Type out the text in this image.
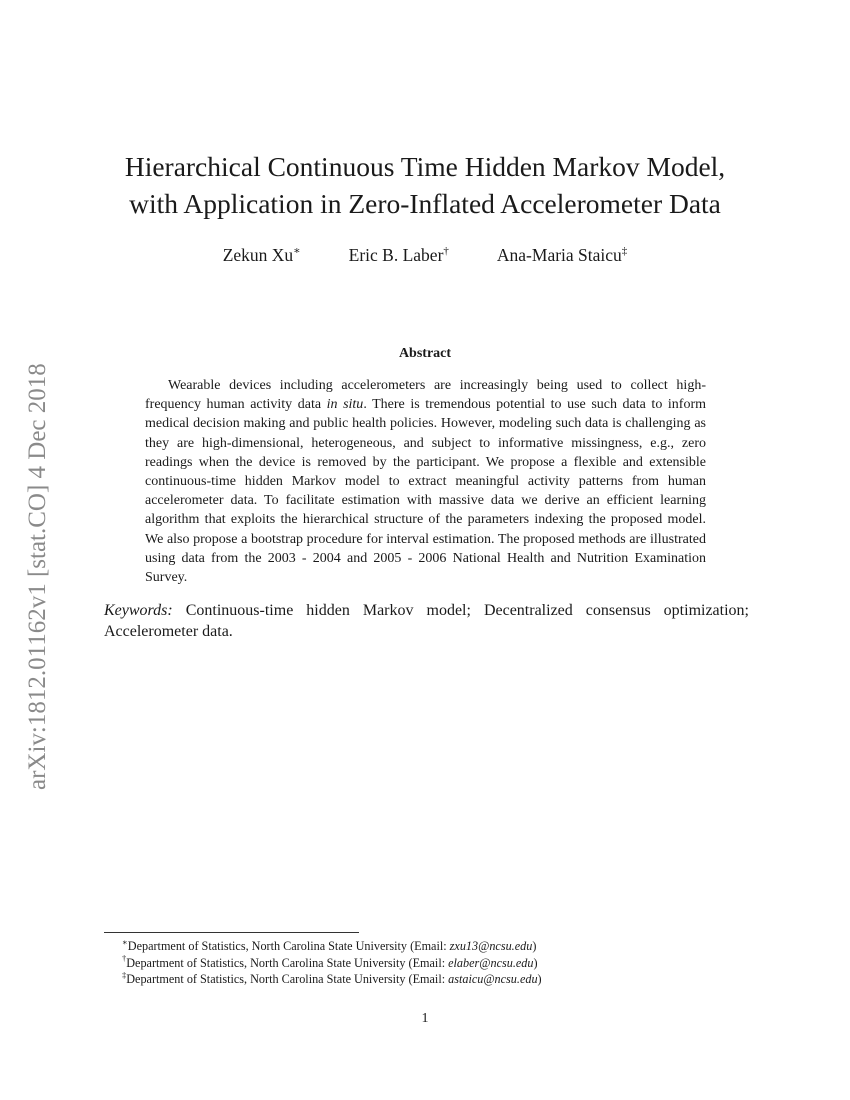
arXiv:1812.01162v1 [stat.CO] 4 Dec 2018
Hierarchical Continuous Time Hidden Markov Model,
with Application in Zero-Inflated Accelerometer Data
Zekun Xu∗	Eric B. Laber†	Ana-Maria Staicu‡
Abstract

Wearable devices including accelerometers are increasingly being used to collect high-frequency human activity data in situ. There is tremendous potential to use such data to inform medical decision making and public health policies. However, modeling such data is challenging as they are high-dimensional, heterogeneous, and subject to informative missingness, e.g., zero readings when the device is removed by the participant. We propose a flexible and extensible continuous-time hidden Markov model to extract meaningful activity patterns from human accelerometer data. To facilitate estimation with massive data we derive an efficient learning algorithm that exploits the hierarchical structure of the parameters indexing the proposed model. We also propose a bootstrap procedure for interval estimation. The proposed methods are illustrated using data from the 2003 - 2004 and 2005 - 2006 National Health and Nutrition Examination Survey.

Keywords: Continuous-time hidden Markov model; Decentralized consensus optimization; Accelerometer data.

∗Department of Statistics, North Carolina State University (Email: zxu13@ncsu.edu)

†Department of Statistics, North Carolina State University (Email: elaber@ncsu.edu)

‡Department of Statistics, North Carolina State University (Email: astaicu@ncsu.edu)

1
